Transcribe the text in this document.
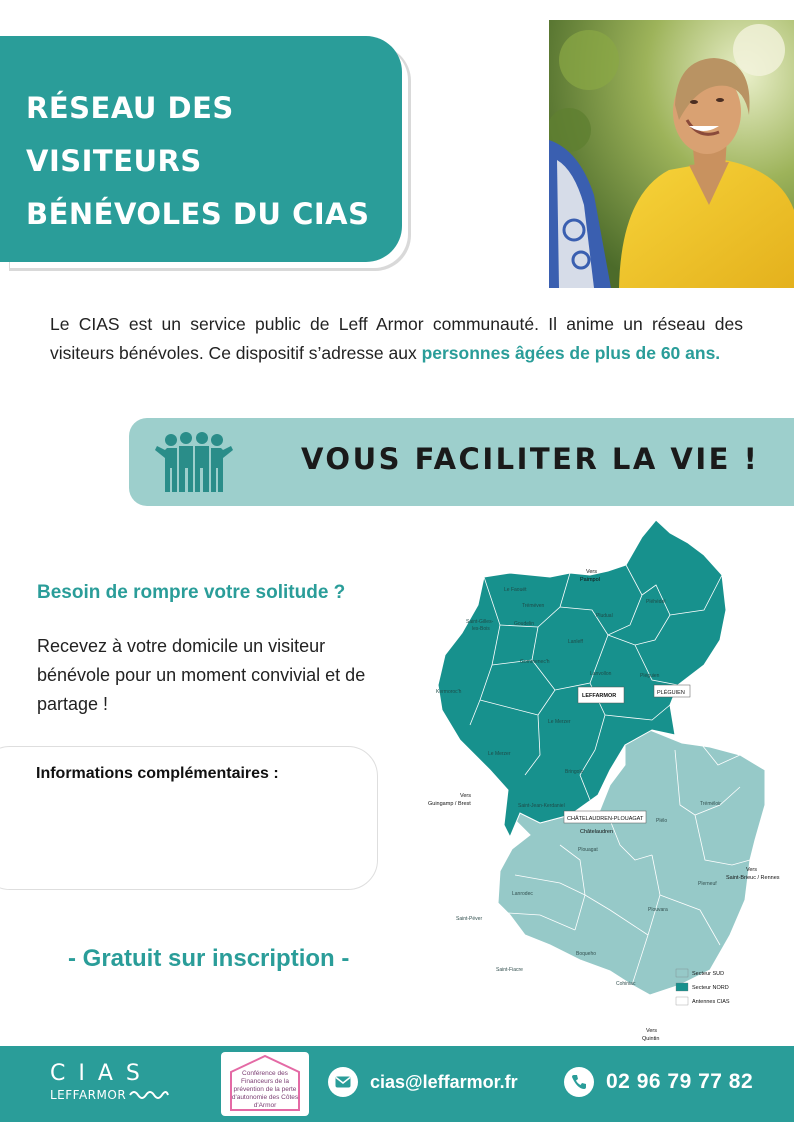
RÉSEAU DES VISITEURS BÉNÉVOLES DU CIAS

Le CIAS est un service public de Leff Armor communauté. Il anime un réseau des visiteurs bénévoles. Ce dispositif s’adresse aux personnes âgées de plus de 60 ans.

VOUS FACILITER LA VIE !
Besoin de rompre votre solitude ?

Recevez à votre domicile un visiteur bénévole pour un moment convivial et de partage !

Informations complémentaires :
- Gratuit sur inscription -
Le Faouët
Tréméven
Saint-Gilles-
les-Bois
Goudelin
Pludual
Pléhédel
Lanleff
Gommenec'h
Lanvollon	Pléguien
Kermoroc'h
Le Merzer
Le Merzer
Bringolo
Saint-Jean-Kerdaniel	Tréméloir
Plélo
Plouagat
Lanrodec
Saint-Péver
Plouvara
Plerneuf
Boqueho
Saint-Fiacre
Cohiniac
LEFFARMOR	PLÉGUIEN
CHÂTELAUDREN-PLOUAGAT
Châtelaudren
Vers
Paimpol
Vers
Guingamp / Brest
Vers
Saint-Brieuc / Rennes
Vers
Quintin
Secteur SUD
Secteur NORD
Antennes CIAS
CIAS
LEFFARMOR
Conférence des Financeurs de la prévention de la perte d'autonomie des Côtes d'Armor
cias@leffarmor.fr	02 96 79 77 82
